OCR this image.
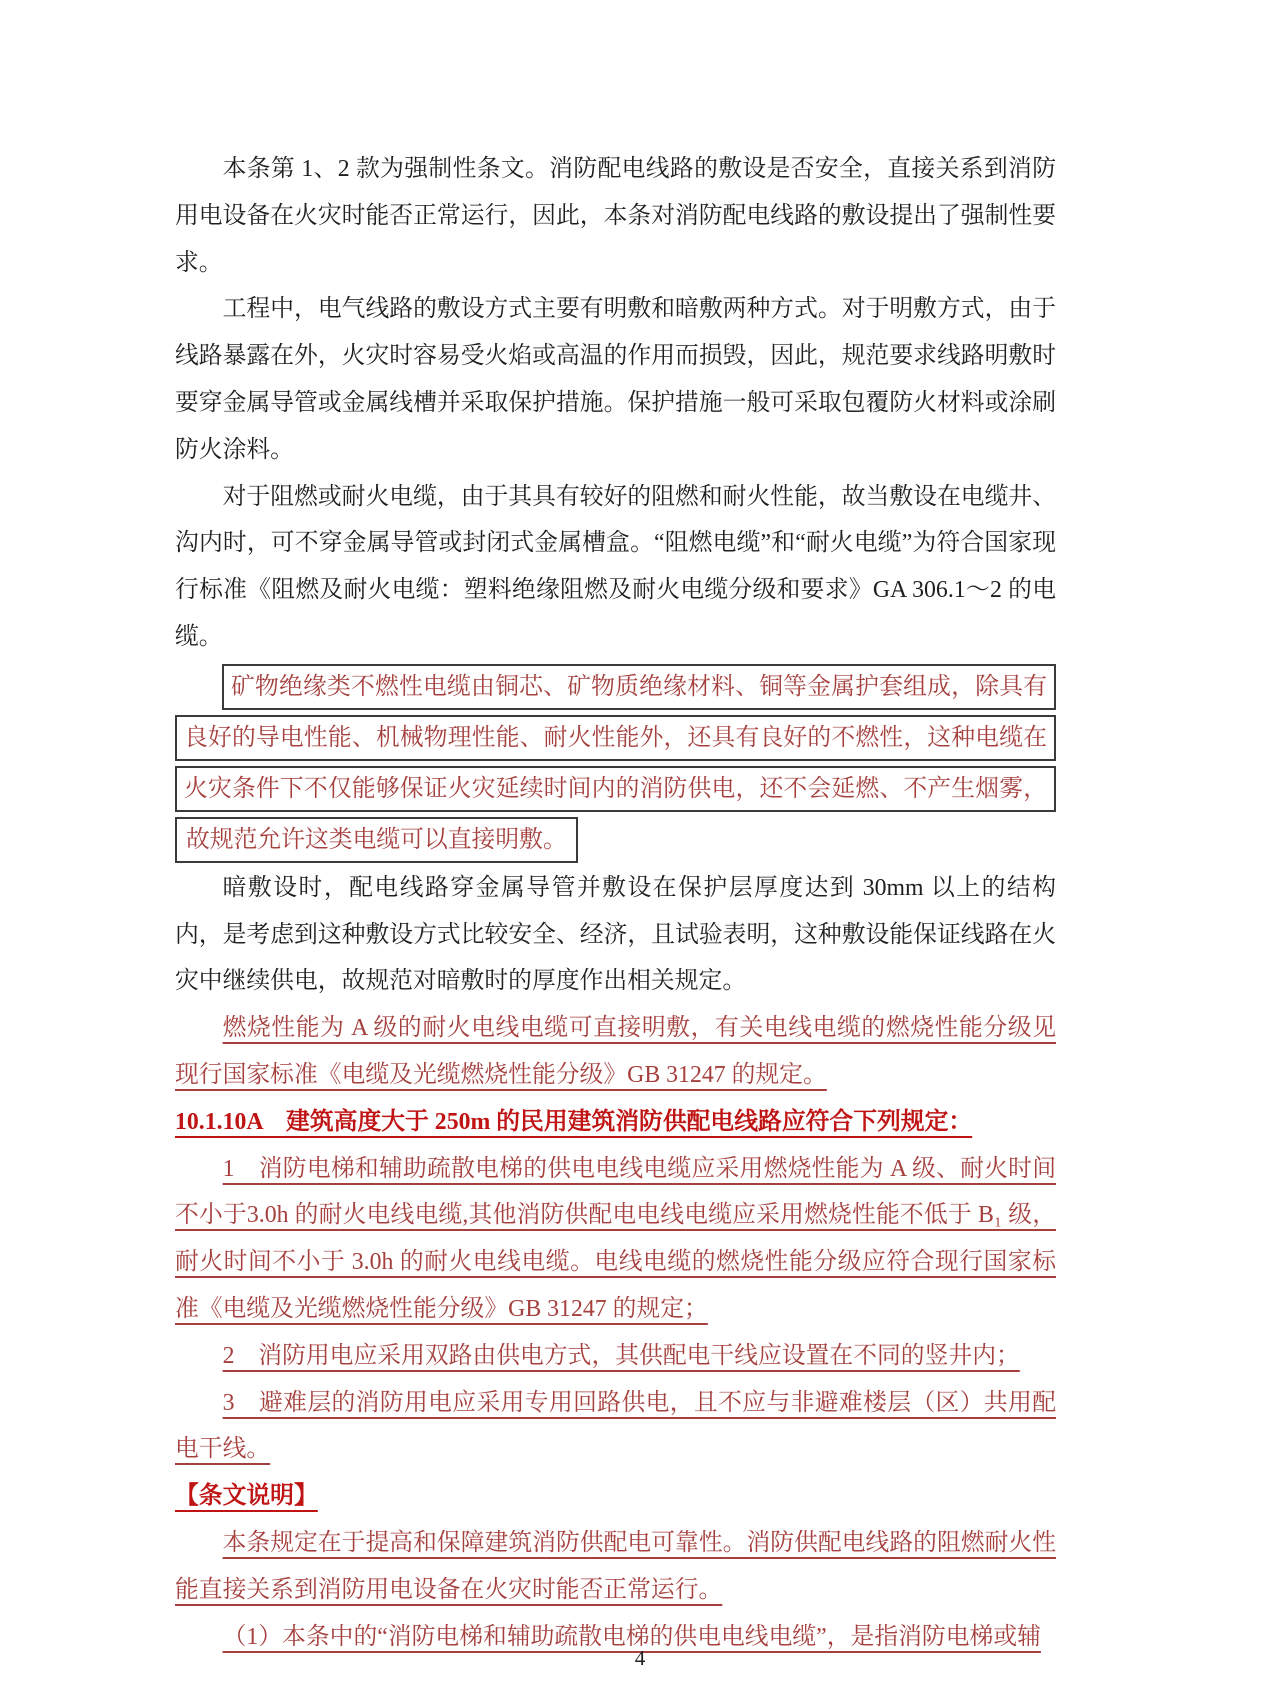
本条第 1、2 款为强制性条文。消防配电线路的敷设是否安全，直接关系到消防用电设备在火灾时能否正常运行，因此，本条对消防配电线路的敷设提出了强制性要求。

工程中，电气线路的敷设方式主要有明敷和暗敷两种方式。对于明敷方式，由于线路暴露在外，火灾时容易受火焰或高温的作用而损毁，因此，规范要求线路明敷时要穿金属导管或金属线槽并采取保护措施。保护措施一般可采取包覆防火材料或涂刷防火涂料。

对于阻燃或耐火电缆，由于其具有较好的阻燃和耐火性能，故当敷设在电缆井、沟内时，可不穿金属导管或封闭式金属槽盒。“阻燃电缆”和“耐火电缆”为符合国家现行标准《阻燃及耐火电缆：塑料绝缘阻燃及耐火电缆分级和要求》GA 306.1～2 的电缆。

矿物绝缘类不燃性电缆由铜芯、矿物质绝缘材料、铜等金属护套组成，除具有
良好的导电性能、机械物理性能、耐火性能外，还具有良好的不燃性，这种电缆在
火灾条件下不仅能够保证火灾延续时间内的消防供电，还不会延燃、不产生烟雾，
故规范允许这类电缆可以直接明敷。

暗敷设时，配电线路穿金属导管并敷设在保护层厚度达到 30mm 以上的结构内，是考虑到这种敷设方式比较安全、经济，且试验表明，这种敷设能保证线路在火灾中继续供电，故规范对暗敷时的厚度作出相关规定。

燃烧性能为 A 级的耐火电线电缆可直接明敷，有关电线电缆的燃烧性能分级见现行国家标准《电缆及光缆燃烧性能分级》GB 31247 的规定。

10.1.10A　建筑高度大于 250m 的民用建筑消防供配电线路应符合下列规定：

1　消防电梯和辅助疏散电梯的供电电线电缆应采用燃烧性能为 A 级、耐火时间不小于3.0h 的耐火电线电缆,其他消防供配电电线电缆应采用燃烧性能不低于 B₁ 级，耐火时间不小于 3.0h 的耐火电线电缆。电线电缆的燃烧性能分级应符合现行国家标准《电缆及光缆燃烧性能分级》GB 31247 的规定；

2　消防用电应采用双路由供电方式，其供配电干线应设置在不同的竖井内；

3　避难层的消防用电应采用专用回路供电，且不应与非避难楼层（区）共用配电干线。

【条文说明】

本条规定在于提高和保障建筑消防供配电可靠性。消防供配电线路的阻燃耐火性能直接关系到消防用电设备在火灾时能否正常运行。

（1）本条中的“消防电梯和辅助疏散电梯的供电电线电缆”，是指消防电梯或辅

4
